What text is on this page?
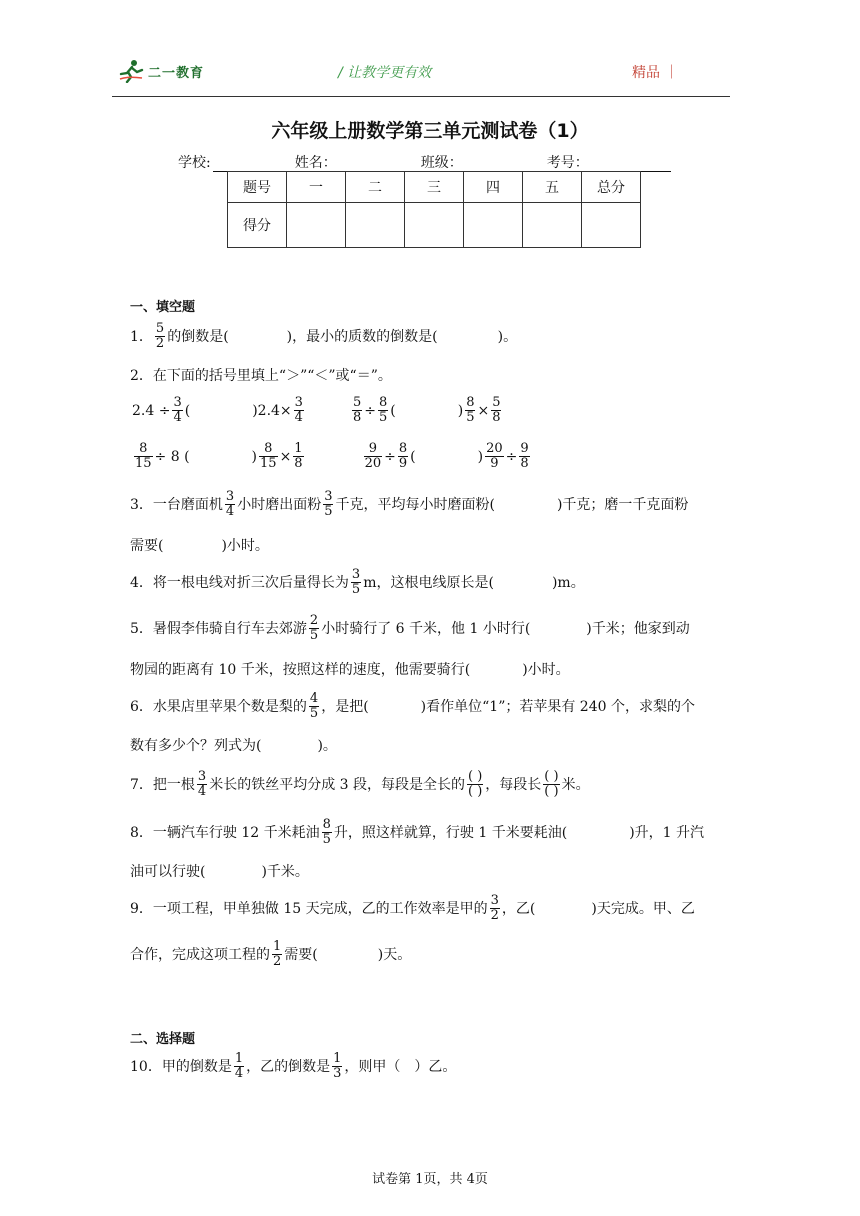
二一教育	/ 让教学更有效	精品 ｜
六年级上册数学第三单元测试卷（1）
学校:	姓名：	班级：	考号：
题号	一	二	三	四	五	总分
得分						
一、填空题
1． $\frac{5}{2}$ 的倒数是(	)，最小的质数的倒数是(	)。
2．在下面的括号里填上“＞”“＜”或“＝”。
$2.4 \div \frac{3}{4}$ (	)$2.4\times \frac{3}{4}$	$\frac{5}{8} \div \frac{8}{5}$ (	) $\frac{8}{5} \times \frac{5}{8}$
$\frac{8}{15} \div 8$ (	) $\frac{8}{15} \times \frac{1}{8}$	$\frac{9}{20} \div \frac{8}{9}$ (	) $\frac{20}{9} \div \frac{9}{8}$
3．一台磨面机 $\frac{3}{4}$ 小时磨出面粉 $\frac{3}{5}$ 千克，平均每小时磨面粉(	)千克；磨一千克面粉
需要(	)小时。
4．将一根电线对折三次后量得长为 $\frac{3}{5}$ m，这根电线原长是(	)m。
5．暑假李伟骑自行车去郊游 $\frac{2}{5}$ 小时骑行了 6 千米，他 1 小时行(	)千米；他家到动
物园的距离有 10 千米，按照这样的速度，他需要骑行(	)小时。
6．水果店里苹果个数是梨的 $\frac{4}{5}$ ，是把(	)看作单位“1”；若苹果有 240 个，求梨的个
数有多少个？列式为(	)。
7．把一根 $\frac{3}{4}$ 米长的铁丝平均分成 3 段，每段是全长的 $\frac{( )}{( )}$ ，每段长 $\frac{( )}{( )}$ 米。
8．一辆汽车行驶 12 千米耗油 $\frac{8}{5}$ 升，照这样就算，行驶 1 千米要耗油(	)升，1 升汽
油可以行驶(	)千米。
9．一项工程，甲单独做 15 天完成，乙的工作效率是甲的 $\frac{3}{2}$ ，乙(	)天完成。甲、乙
合作，完成这项工程的 $\frac{1}{2}$ 需要(	)天。
二、选择题
10．甲的倒数是 $\frac{1}{4}$ ，乙的倒数是 $\frac{1}{3}$ ，则甲（　）乙。
试卷第 1页，共 4页
